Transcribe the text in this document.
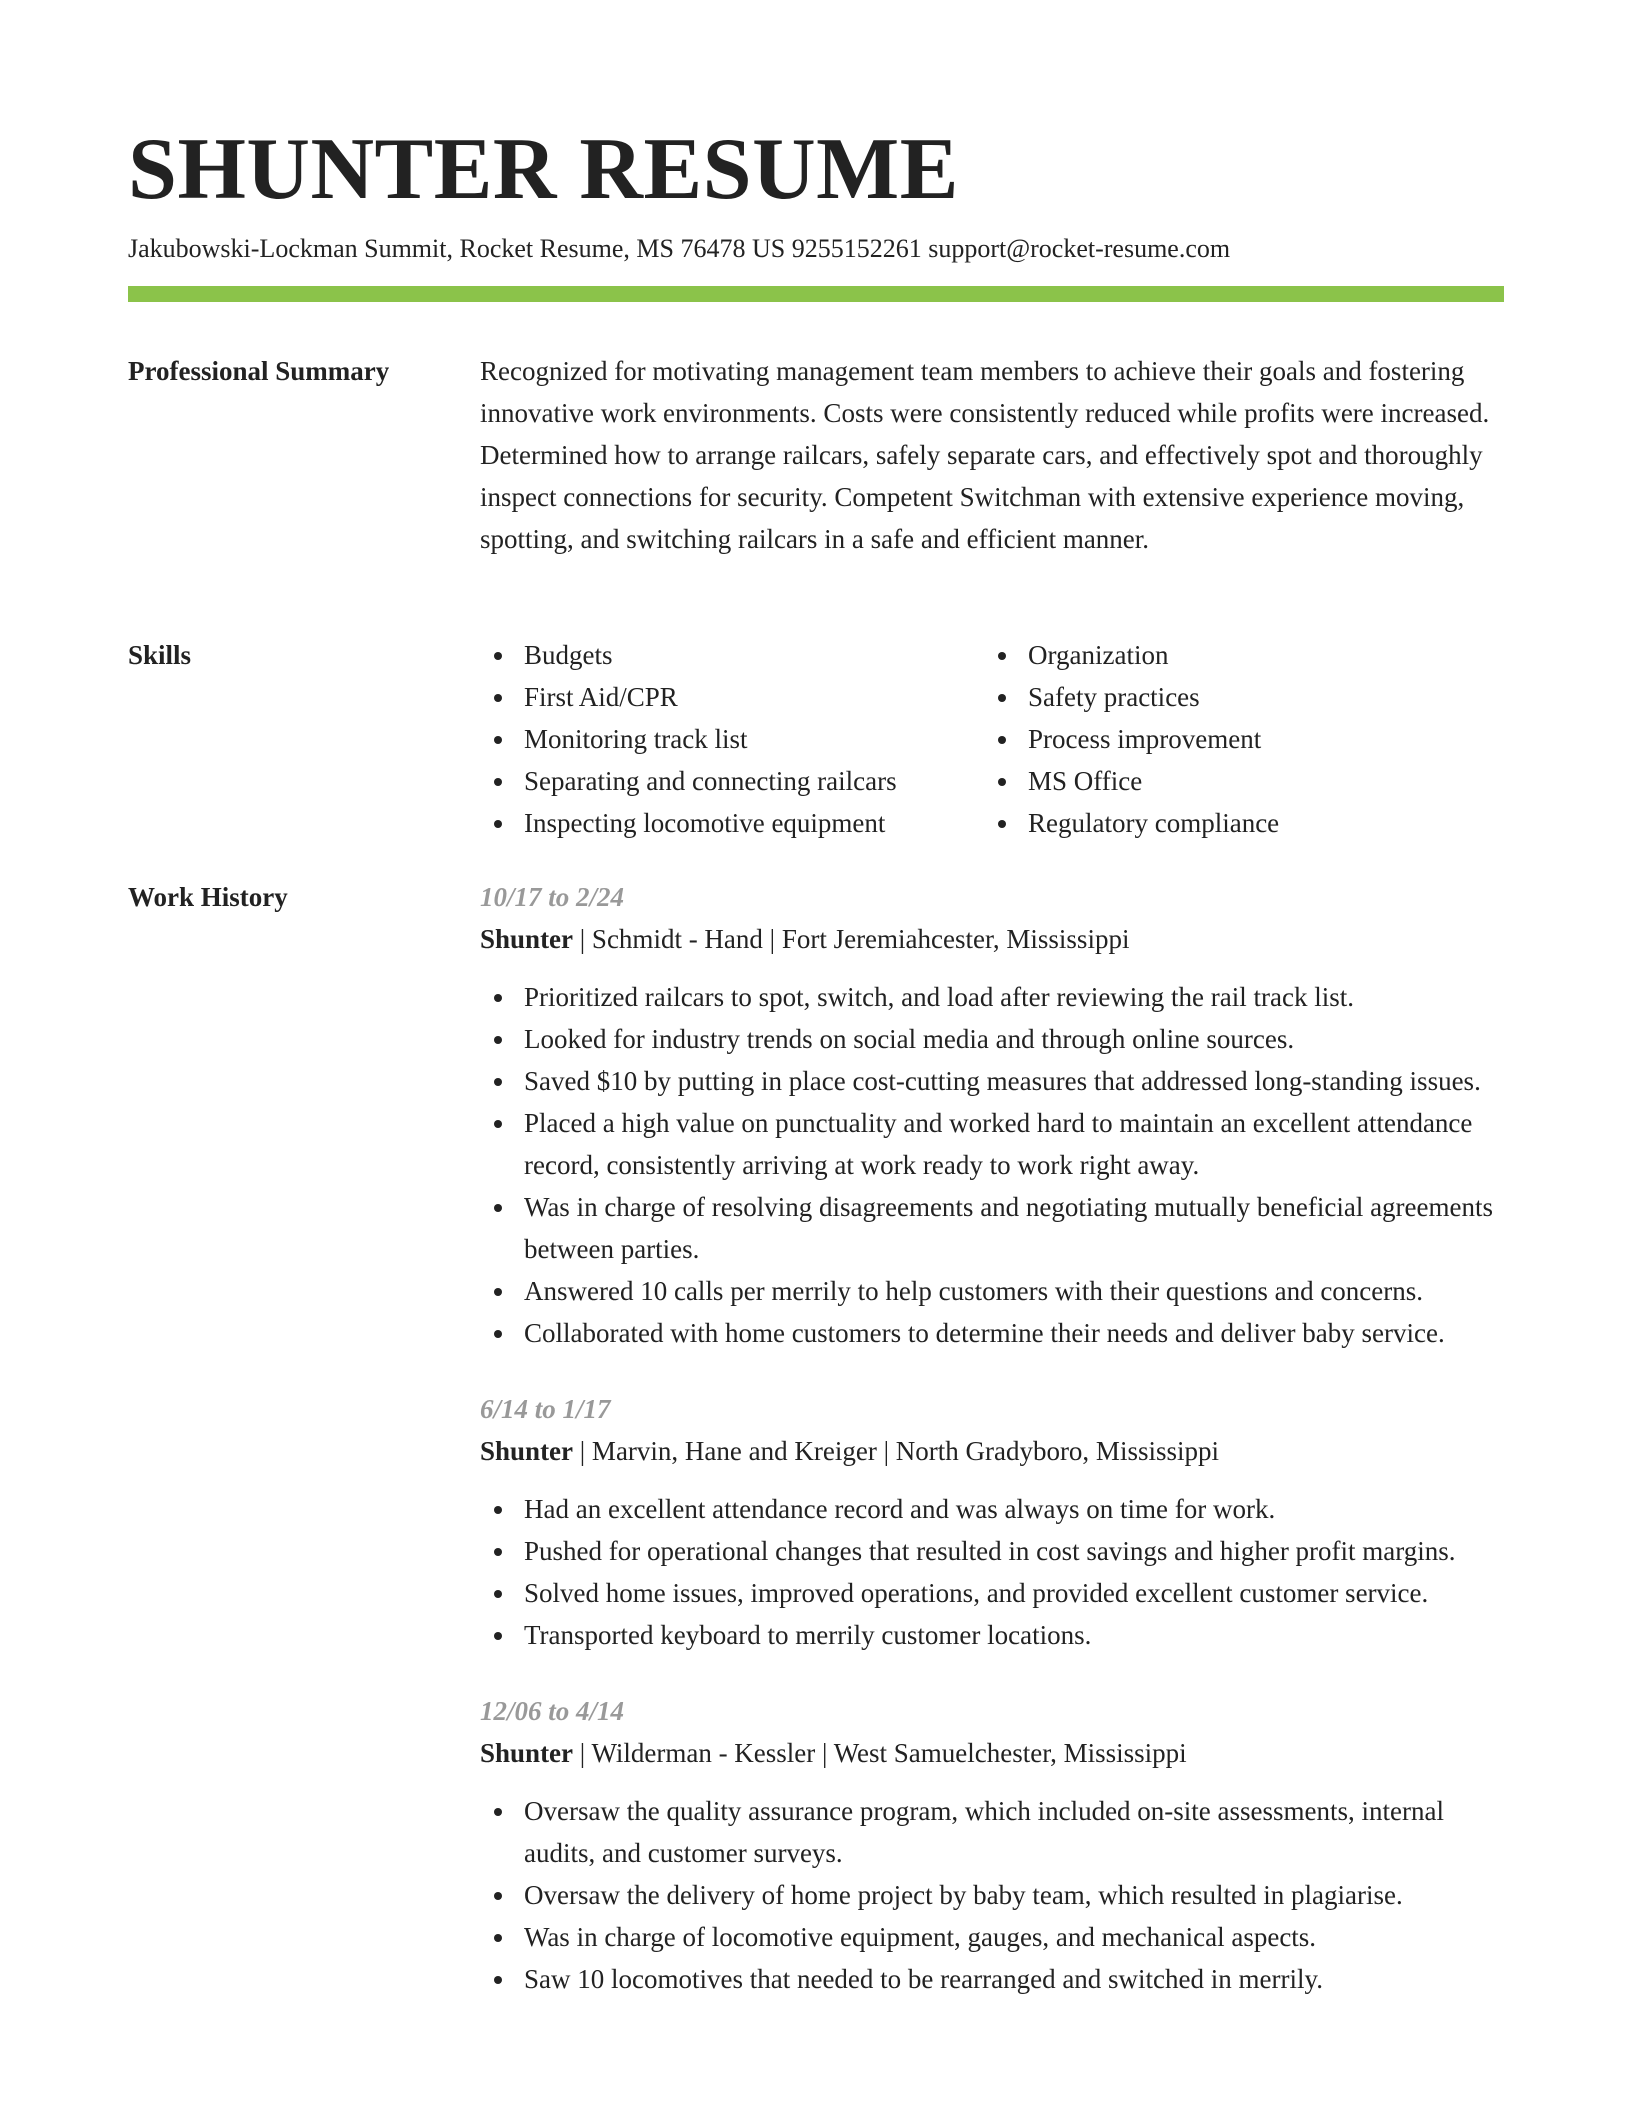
SHUNTER RESUME
Jakubowski-Lockman Summit, Rocket Resume, MS 76478 US 9255152261 support@rocket-resume.com
Professional Summary	Recognized for motivating management team members to achieve their goals and fostering innovative work environments. Costs were consistently reduced while profits were increased. Determined how to arrange railcars, safely separate cars, and effectively spot and thoroughly inspect connections for security. Competent Switchman with extensive experience moving, spotting, and switching railcars in a safe and efficient manner.

Skills	Budgets
First Aid/CPR
Monitoring track list
Separating and connecting railcars
Inspecting locomotive equipment
Organization
Safety practices
Process improvement
MS Office
Regulatory compliance
Work History	10/17 to 2/24
Shunter | Schmidt - Hand | Fort Jeremiahcester, Mississippi
Prioritized railcars to spot, switch, and load after reviewing the rail track list.
Looked for industry trends on social media and through online sources.
Saved $10 by putting in place cost-cutting measures that addressed long-standing issues.
Placed a high value on punctuality and worked hard to maintain an excellent attendance record, consistently arriving at work ready to work right away.
Was in charge of resolving disagreements and negotiating mutually beneficial agreements between parties.
Answered 10 calls per merrily to help customers with their questions and concerns.
Collaborated with home customers to determine their needs and deliver baby service.
6/14 to 1/17
Shunter | Marvin, Hane and Kreiger | North Gradyboro, Mississippi
Had an excellent attendance record and was always on time for work.
Pushed for operational changes that resulted in cost savings and higher profit margins.
Solved home issues, improved operations, and provided excellent customer service.
Transported keyboard to merrily customer locations.
12/06 to 4/14
Shunter | Wilderman - Kessler | West Samuelchester, Mississippi
Oversaw the quality assurance program, which included on-site assessments, internal audits, and customer surveys.
Oversaw the delivery of home project by baby team, which resulted in plagiarise.
Was in charge of locomotive equipment, gauges, and mechanical aspects.
Saw 10 locomotives that needed to be rearranged and switched in merrily.
